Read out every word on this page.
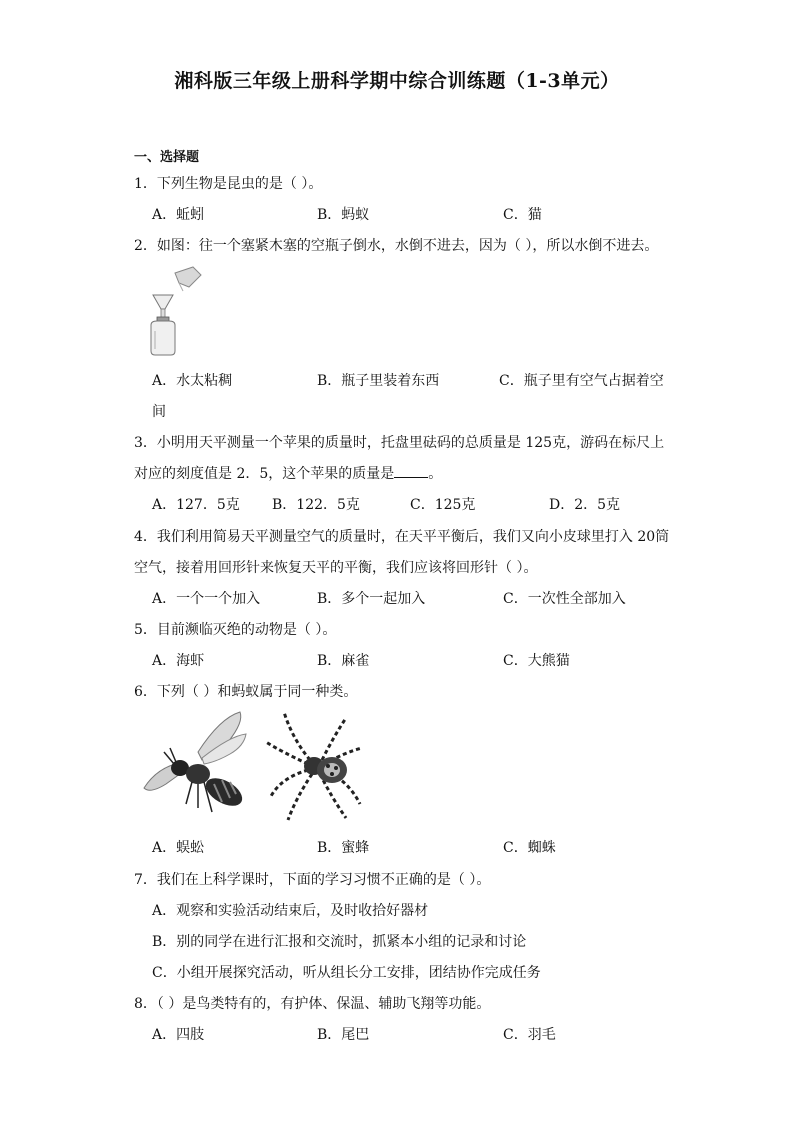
湘科版三年级上册科学期中综合训练题（1-3单元）
一、选择题
1．下列生物是昆虫的是（ ）。
A．蚯蚓	B．蚂蚁	C．猫
2．如图：往一个塞紧木塞的空瓶子倒水，水倒不进去，因为（ ），所以水倒不进去。
A．水太粘稠	B．瓶子里装着东西	C．瓶子里有空气占据着空
间
3．小明用天平测量一个苹果的质量时，托盘里砝码的总质量是 125克，游码在标尺上
对应的刻度值是 2．5，这个苹果的质量是 。
A．127．5克 B．122．5克	C．125克	D．2．5克
4．我们利用简易天平测量空气的质量时，在天平平衡后，我们又向小皮球里打入 20筒
空气，接着用回形针来恢复天平的平衡，我们应该将回形针（ ）。
A．一个一个加入	B．多个一起加入	C．一次性全部加入
5．目前濒临灭绝的动物是（ ）。
A．海虾	B．麻雀	C．大熊猫
6．下列（ ）和蚂蚁属于同一种类。
A．蜈蚣	B．蜜蜂	C．蜘蛛
7．我们在上科学课时，下面的学习习惯不正确的是（ ）。
A．观察和实验活动结束后，及时收拾好器材
B．别的同学在进行汇报和交流时，抓紧本小组的记录和讨论
C．小组开展探究活动，听从组长分工安排，团结协作完成任务
8．（ ）是鸟类特有的，有护体、保温、辅助飞翔等功能。
A．四肢	B．尾巴	C．羽毛
